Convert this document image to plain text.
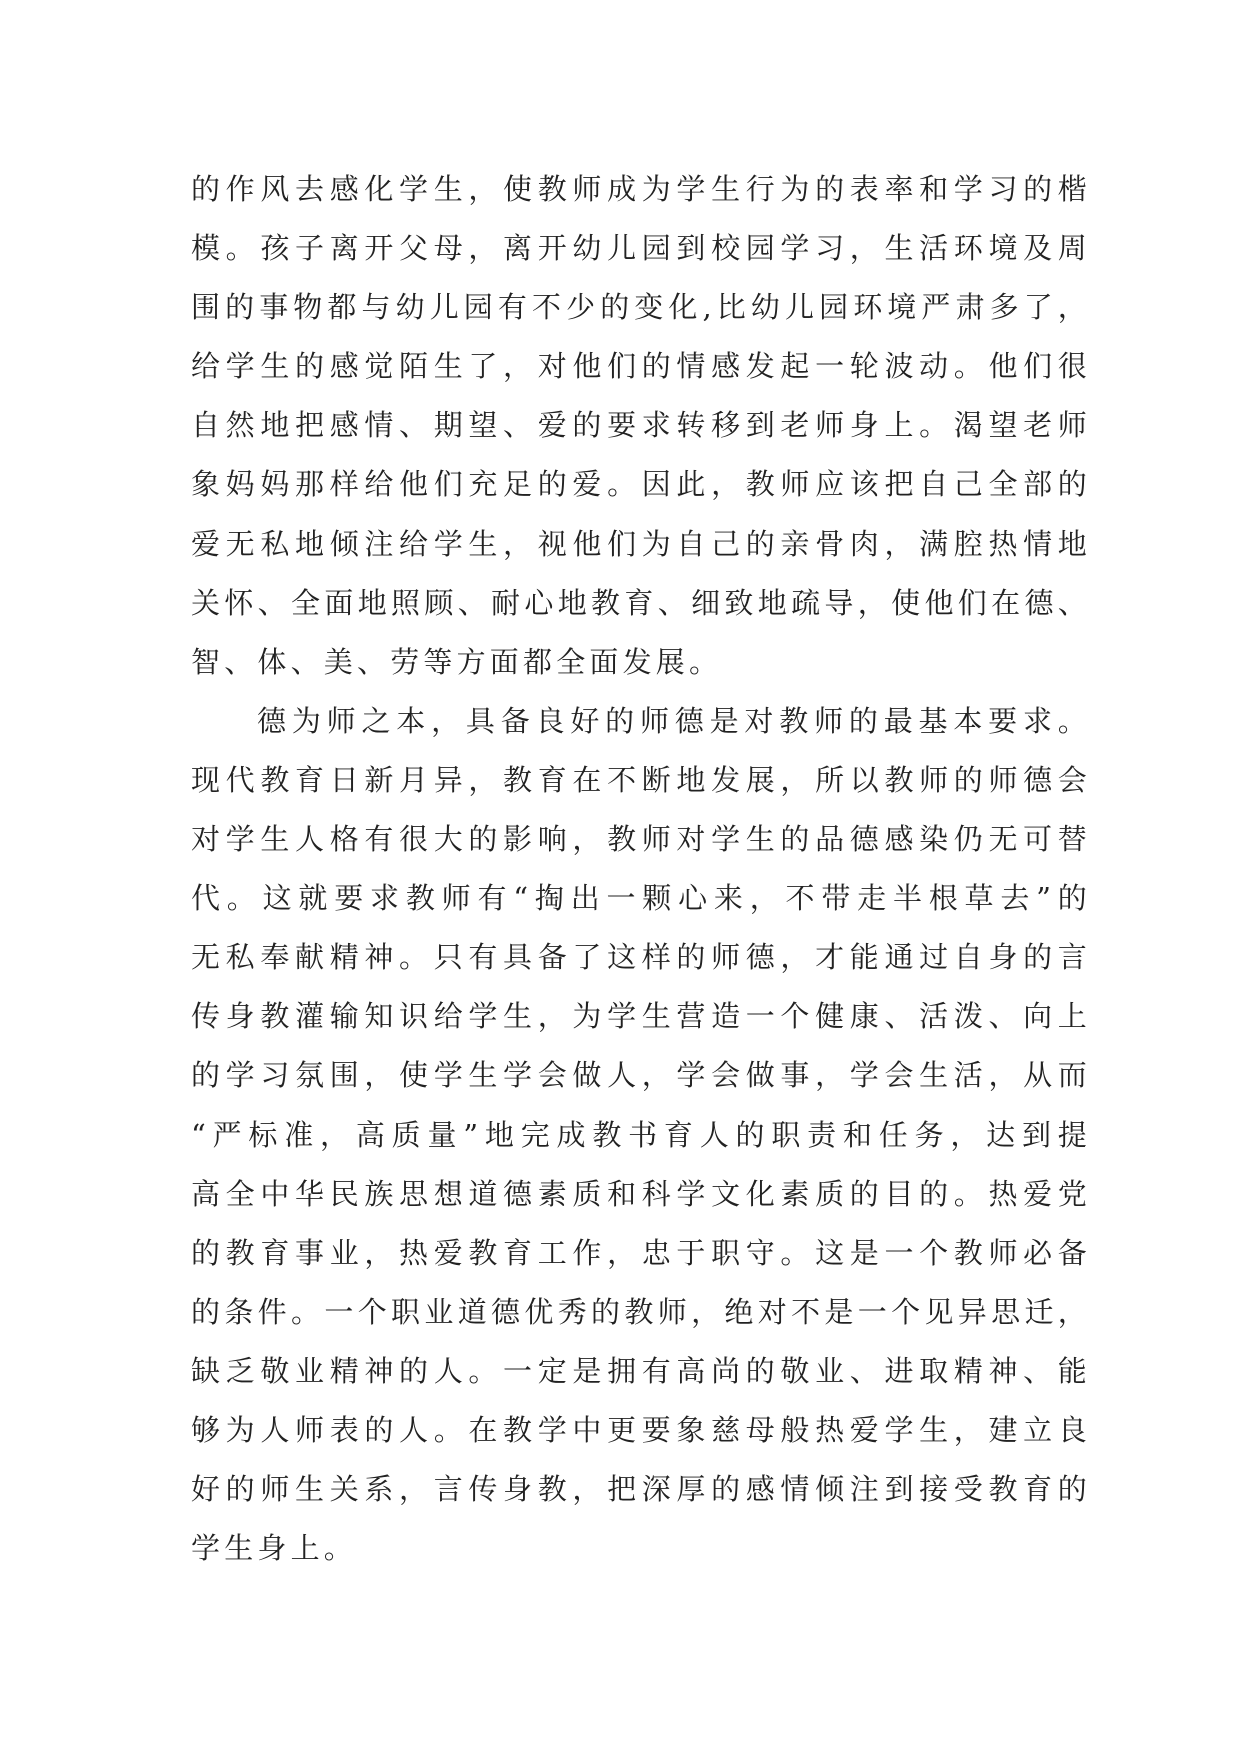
的作风去感化学生，使教师成为学生行为的表率和学习的楷
模。孩子离开父母，离开幼儿园到校园学习，生活环境及周
围的事物都与幼儿园有不少的变化,比幼儿园环境严肃多了，
给学生的感觉陌生了，对他们的情感发起一轮波动。他们很
自然地把感情、期望、爱的要求转移到老师身上。渴望老师
象妈妈那样给他们充足的爱。因此，教师应该把自己全部的
爱无私地倾注给学生，视他们为自己的亲骨肉，满腔热情地
关怀、全面地照顾、耐心地教育、细致地疏导，使他们在德、
智、体、美、劳等方面都全面发展。
德为师之本，具备良好的师德是对教师的最基本要求。
现代教育日新月异，教育在不断地发展，所以教师的师德会
对学生人格有很大的影响，教师对学生的品德感染仍无可替
代。这就要求教师有“掏出一颗心来，不带走半根草去”的
无私奉献精神。只有具备了这样的师德，才能通过自身的言
传身教灌输知识给学生，为学生营造一个健康、活泼、向上
的学习氛围，使学生学会做人，学会做事，学会生活，从而
“严标准，高质量”地完成教书育人的职责和任务，达到提
高全中华民族思想道德素质和科学文化素质的目的。热爱党
的教育事业，热爱教育工作，忠于职守。这是一个教师必备
的条件。一个职业道德优秀的教师，绝对不是一个见异思迁，
缺乏敬业精神的人。一定是拥有高尚的敬业、进取精神、能
够为人师表的人。在教学中更要象慈母般热爱学生，建立良
好的师生关系，言传身教，把深厚的感情倾注到接受教育的
学生身上。
